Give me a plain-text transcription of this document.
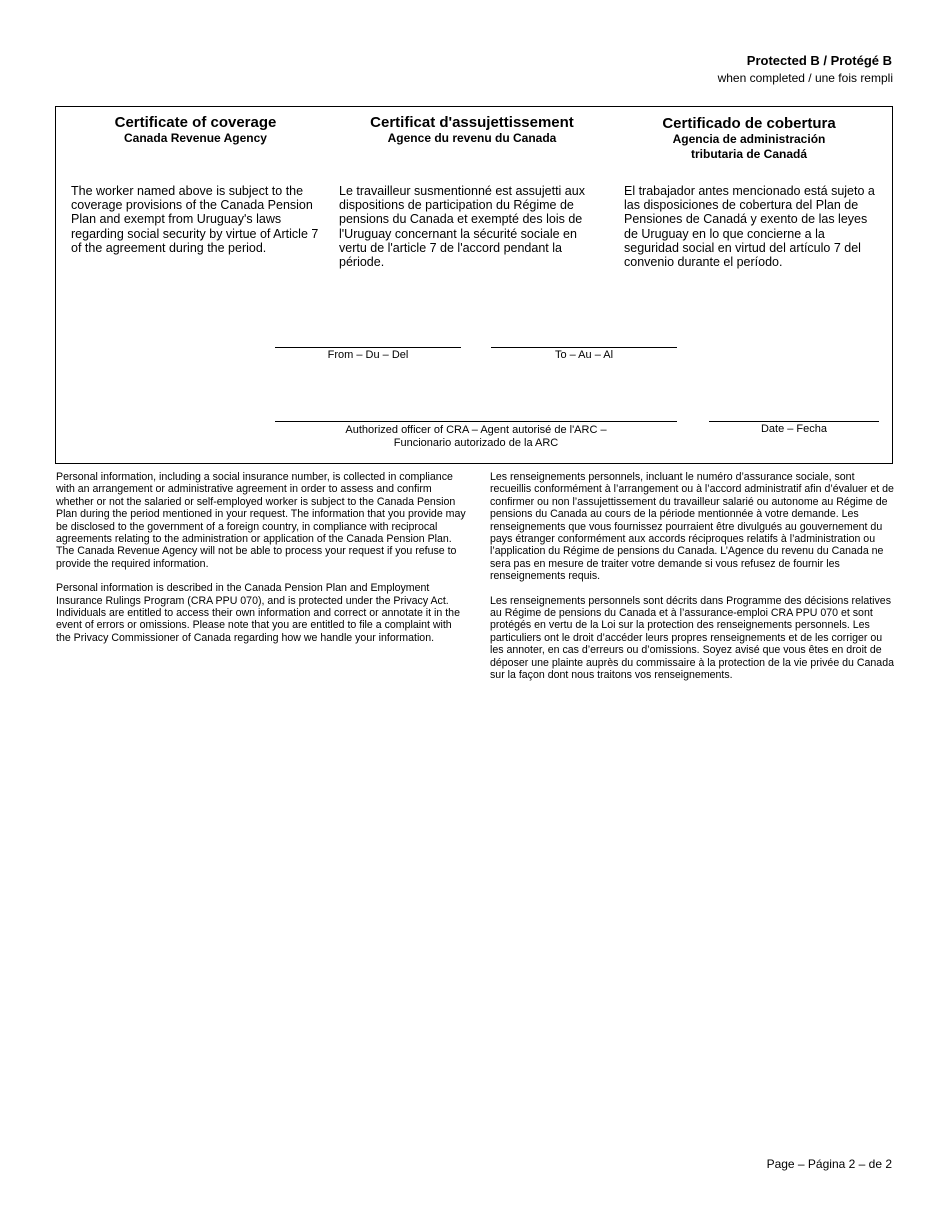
Protected B / Protégé B
when completed / une fois rempli
Certificate of coverage
Canada Revenue Agency
The worker named above is subject to the coverage provisions of the Canada Pension Plan and exempt from Uruguay's laws regarding social security by virtue of Article 7 of the agreement during the period.
Certificat d'assujettissement
Agence du revenu du Canada
Le travailleur susmentionné est assujetti aux dispositions de participation du Régime de pensions du Canada et exempté des lois de l'Uruguay concernant la sécurité sociale en vertu de l'article 7 de l'accord pendant la période.
Certificado de cobertura
Agencia de administración
tributaria de Canadá
El trabajador antes mencionado está sujeto a las disposiciones de cobertura del Plan de Pensiones de Canadá y exento de las leyes de Uruguay en lo que concierne a la seguridad social en virtud del artículo 7 del convenio durante el período.
From – Du – Del	To – Au – Al
Authorized officer of CRA – Agent autorisé de l'ARC –
Funcionario autorizado de la ARC
Date – Fecha

Personal information, including a social insurance number, is collected in compliance with an arrangement or administrative agreement in order to assess and confirm whether or not the salaried or self-employed worker is subject to the Canada Pension Plan during the period mentioned in your request. The information that you provide may be disclosed to the government of a foreign country, in compliance with reciprocal agreements relating to the administration or application of the Canada Pension Plan. The Canada Revenue Agency will not be able to process your request if you refuse to provide the required information.

Personal information is described in the Canada Pension Plan and Employment Insurance Rulings Program (CRA PPU 070), and is protected under the Privacy Act. Individuals are entitled to access their own information and correct or annotate it in the event of errors or omissions. Please note that you are entitled to file a complaint with the Privacy Commissioner of Canada regarding how we handle your information.

Les renseignements personnels, incluant le numéro d’assurance sociale, sont recueillis conformément à l’arrangement ou à l’accord administratif afin d’évaluer et de confirmer ou non l’assujettissement du travailleur salarié ou autonome au Régime de pensions du Canada au cours de la période mentionnée à votre demande. Les renseignements que vous fournissez pourraient être divulgués au gouvernement du pays étranger conformément aux accords réciproques relatifs à l’administration ou l’application du Régime de pensions du Canada. L’Agence du revenu du Canada ne sera pas en mesure de traiter votre demande si vous refusez de fournir les renseignements requis.

Les renseignements personnels sont décrits dans Programme des décisions relatives au Régime de pensions du Canada et à l’assurance-emploi CRA PPU 070 et sont protégés en vertu de la Loi sur la protection des renseignements personnels. Les particuliers ont le droit d’accéder leurs propres renseignements et de les corriger ou les annoter, en cas d’erreurs ou d’omissions. Soyez avisé que vous êtes en droit de déposer une plainte auprès du commissaire à la protection de la vie privée du Canada sur la façon dont nous traitons vos renseignements.

Page – Página 2 – de 2
